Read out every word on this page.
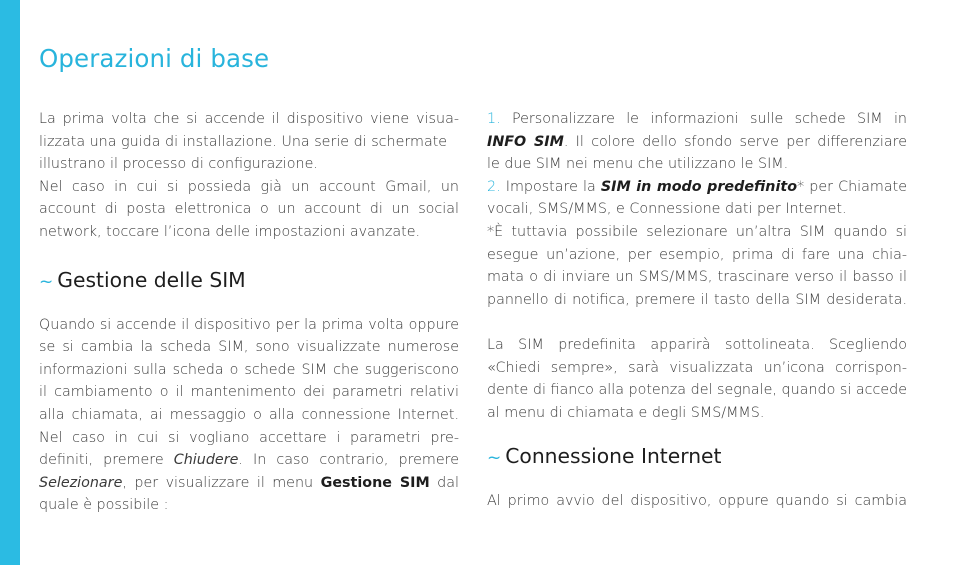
Operazioni di base

La prima volta che si accende il dispositivo viene visua-
lizzata una guida di installazione. Una serie di schermate
illustrano il processo di configurazione.
Nel caso in cui si possieda già un account Gmail, un
account di posta elettronica o un account di un social
network, toccare l’icona delle impostazioni avanzate.

~ Gestione delle SIM

Quando si accende il dispositivo per la prima volta oppure
se si cambia la scheda SIM, sono visualizzate numerose
informazioni sulla scheda o schede SIM che suggeriscono
il cambiamento o il mantenimento dei parametri relativi
alla chiamata, ai messaggio o alla connessione Internet.
Nel caso in cui si vogliano accettare i parametri pre-
definiti, premere Chiudere. In caso contrario, premere
Selezionare, per visualizzare il menu Gestione SIM dal
quale è possibile :

1. Personalizzare le informazioni sulle schede SIM in
INFO SIM. Il colore dello sfondo serve per differenziare
le due SIM nei menu che utilizzano le SIM.
2. Impostare la SIM in modo predefinito* per Chiamate
vocali, SMS/MMS, e Connessione dati per Internet.
*È tuttavia possibile selezionare un’altra SIM quando si
esegue un’azione, per esempio, prima di fare una chia-
mata o di inviare un SMS/MMS, trascinare verso il basso il
pannello di notifica, premere il tasto della SIM desiderata.

La SIM predefinita apparirà sottolineata. Scegliendo
«Chiedi sempre», sarà visualizzata un’icona corrispon-
dente di fianco alla potenza del segnale, quando si accede
al menu di chiamata e degli SMS/MMS.

~ Connessione Internet

Al primo avvio del dispositivo, oppure quando si cambia
